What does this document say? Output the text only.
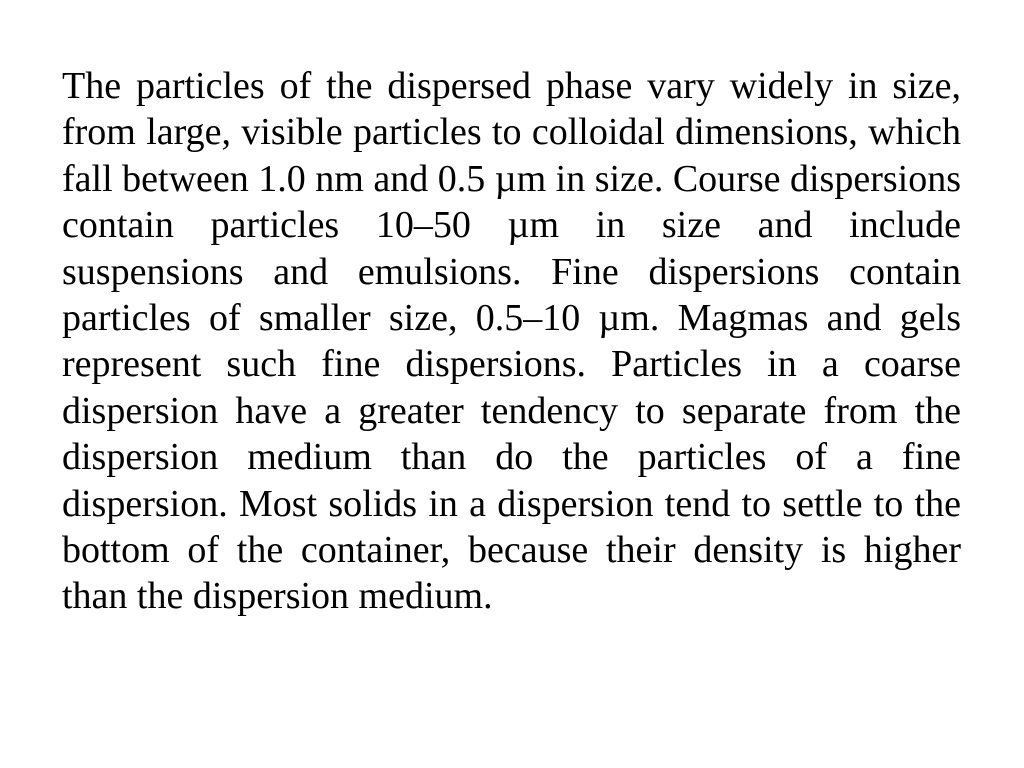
The particles of the dispersed phase vary widely in size, from large, visible particles to colloidal dimensions, which fall between 1.0 nm and 0.5 µm in size. Course dispersions contain particles 10–50 µm in size and include suspensions and emulsions. Fine dispersions contain particles of smaller size, 0.5–10 µm. Magmas and gels represent such fine dispersions. Particles in a coarse dispersion have a greater tendency to separate from the dispersion medium than do the particles of a fine dispersion. Most solids in a dispersion tend to settle to the bottom of the container, because their density is higher than the dispersion medium.
